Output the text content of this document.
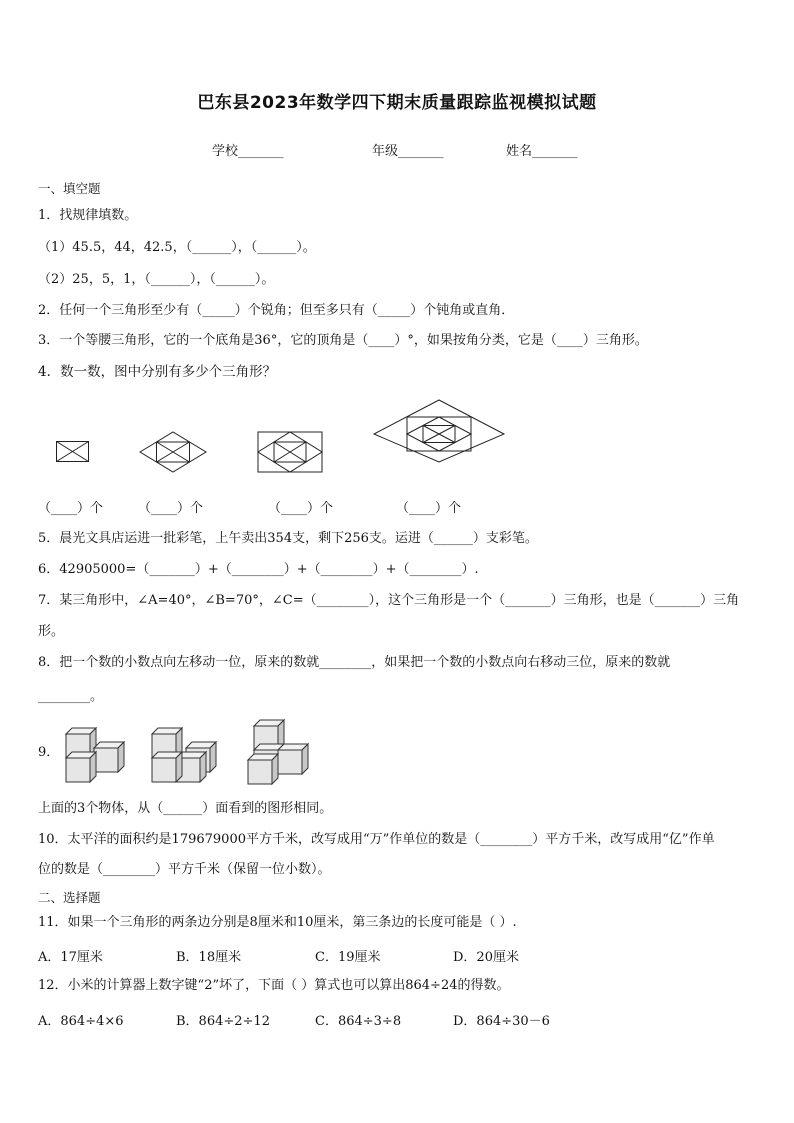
巴东县2023年数学四下期末质量跟踪监视模拟试题
学校_______	年级_______	姓名_______
一、填空题
1．找规律填数。
（1）45.5，44，42.5，（______），（______）。
（2）25，5，1，（______），（______）。
2．任何一个三角形至少有（_____）个锐角；但至多只有（_____）个钝角或直角．
3．一个等腰三角形，它的一个底角是36°，它的顶角是（____）°，如果按角分类，它是（____）三角形。
4．数一数，图中分别有多少个三角形？
（____）个	（____）个	（____）个	（____）个
5．晨光文具店运进一批彩笔，上午卖出354支，剩下256支。运进（______）支彩笔。
6．42905000=（_______）+（________）+（________）+（________）.
7．某三角形中，∠A=40°，∠B=70°，∠C=（________），这个三角形是一个（_______）三角形，也是（_______）三角
形。
8．把一个数的小数点向左移动一位，原来的数就________，如果把一个数的小数点向右移动三位，原来的数就
________。
9．
上面的3个物体，从（______）面看到的图形相同。
10．太平洋的面积约是179679000平方千米，改写成用“万”作单位的数是（________）平方千米，改写成用“亿”作单
位的数是（________）平方千米（保留一位小数）。
二、选择题
11．如果一个三角形的两条边分别是8厘米和10厘米，第三条边的长度可能是（ ）.
A．17厘米	B．18厘米	C．19厘米	D．20厘米
12．小米的计算器上数字键“2”坏了，下面（ ）算式也可以算出864÷24的得数。
A．864÷4×6	B．864÷2÷12	C．864÷3÷8	D．864÷30－6
